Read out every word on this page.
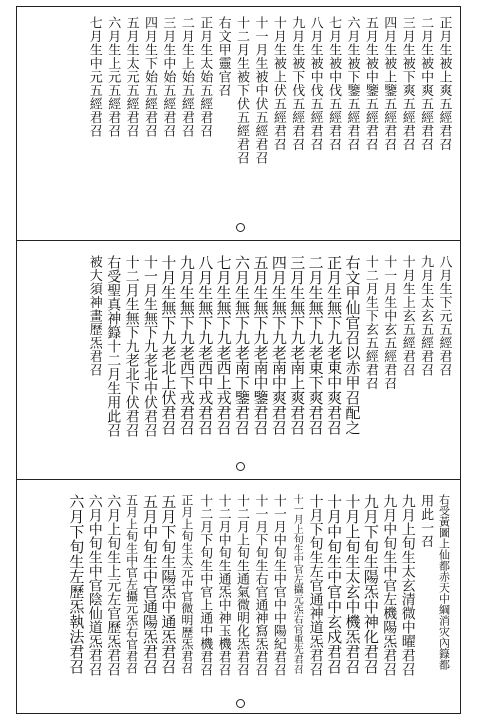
正月生被上爽五經君召
二月生被中爽五經君召
三月生被下爽五經君召
四月生被上鑒五經君召
五月生被中鑒五經君召
六月生被下鑒五經君召
七月生被中伐五經君召
八月生被中伐五經君召
九月生被下伐五經君召
十月生被上伏五經君召
十一月生被中伏五經君召
十二月生被下伏五經君召
右文甲靈官召
正月生太始五經君召
二月生上始五經君召
三月生中始五經君召
四月生下始五經君召
五月生太元五經君召
六月生上元五經君召
七月生中元五經君召
八月生下元五經君召
九月生太玄五經君召
十月生上玄五經君召
十一月生中玄五經君召
十二月生下玄五經君召
右文甲仙官召以赤甲召配之
正月生無下九老東中爽君召
二月生無下九老東下爽君召
三月生無下九老南上爽君召
四月生無下九老南中爽君召
五月生無下九老南中鑒君召
六月生無下九老南下鑒君召
七月生無下九老西上戎君召
八月生無下九老西中戎君召
九月生無下九老西下戎君召
十月生無下九老北上伏君召
十一月生無下九老北中伏君召
十二月生無下九老北下伏君召
右受聖真神籙十二月生用此召
被大須神畫歷炁君召
右受黃圖上仙都赤天中綱消灾內籙都
用此一召
九月上旬生太玄清微中曜君召
九月中旬生中官左機陽炁君召
九月下旬生陽炁中神化君召
十月上旬生太玄中機炁君召
十月中旬生中官中玄戍君召
十月下旬生左官通神道炁君召
十一月上旬生中官左攝元炁右官重先君召
十一月中旬生中官中中陽紀君召
十一月下旬生右官通神寫炁君召
十二月上旬生通氣微明化炁君召
十二月中旬生通炁中神玉機君召
十二月下旬生中官上通中機君召
正月上旬生太元中官微明歷炁君召
五月下旬生陽炁中通炁君召
五月中旬生中官通陽炁君召
五月上旬生中官左攝元炁右官君召
六月上旬生上元左官歷炁君召
六月中旬生中官陰仙道炁君召
六月下旬生左歷炁執法君召
